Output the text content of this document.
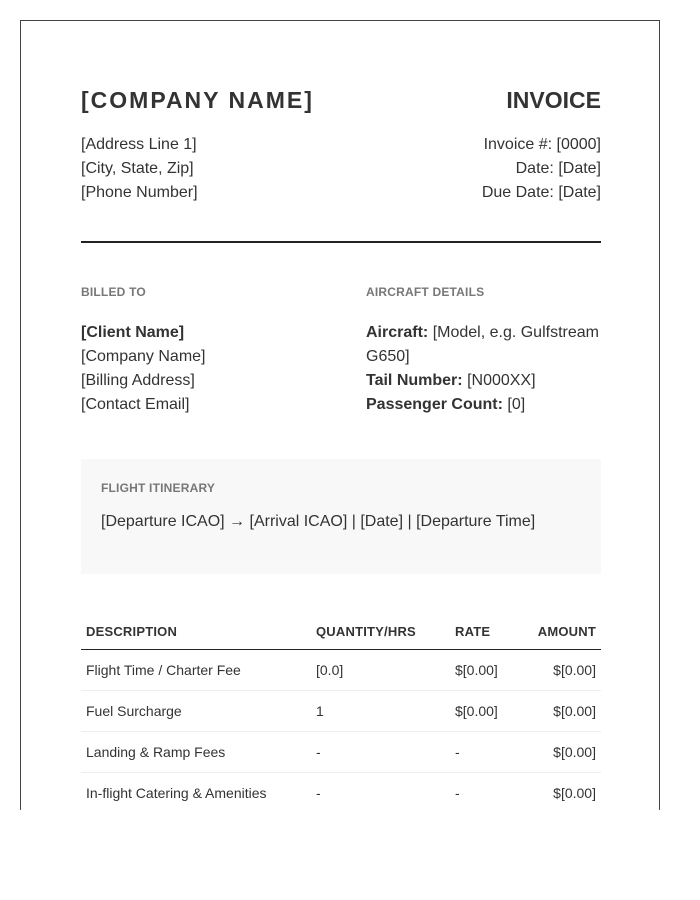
[COMPANY NAME]	INVOICE
[Address Line 1]
[City, State, Zip]
[Phone Number]
Invoice #: [0000]
Date: [Date]
Due Date: [Date]
BILLED TO
[Client Name]
[Company Name]
[Billing Address]
[Contact Email]
AIRCRAFT DETAILS
Aircraft: [Model, e.g. Gulfstream
G650]
Tail Number: [N000XX]
Passenger Count: [0]
FLIGHT ITINERARY
[Departure ICAO] → [Arrival ICAO] | [Date] | [Departure Time]
DESCRIPTION	QUANTITY/HRS	RATE	AMOUNT
Flight Time / Charter Fee	[0.0]	$[0.00]	$[0.00]
Fuel Surcharge	1	$[0.00]	$[0.00]
Landing & Ramp Fees	-	-	$[0.00]
In-flight Catering & Amenities	-	-	$[0.00]
